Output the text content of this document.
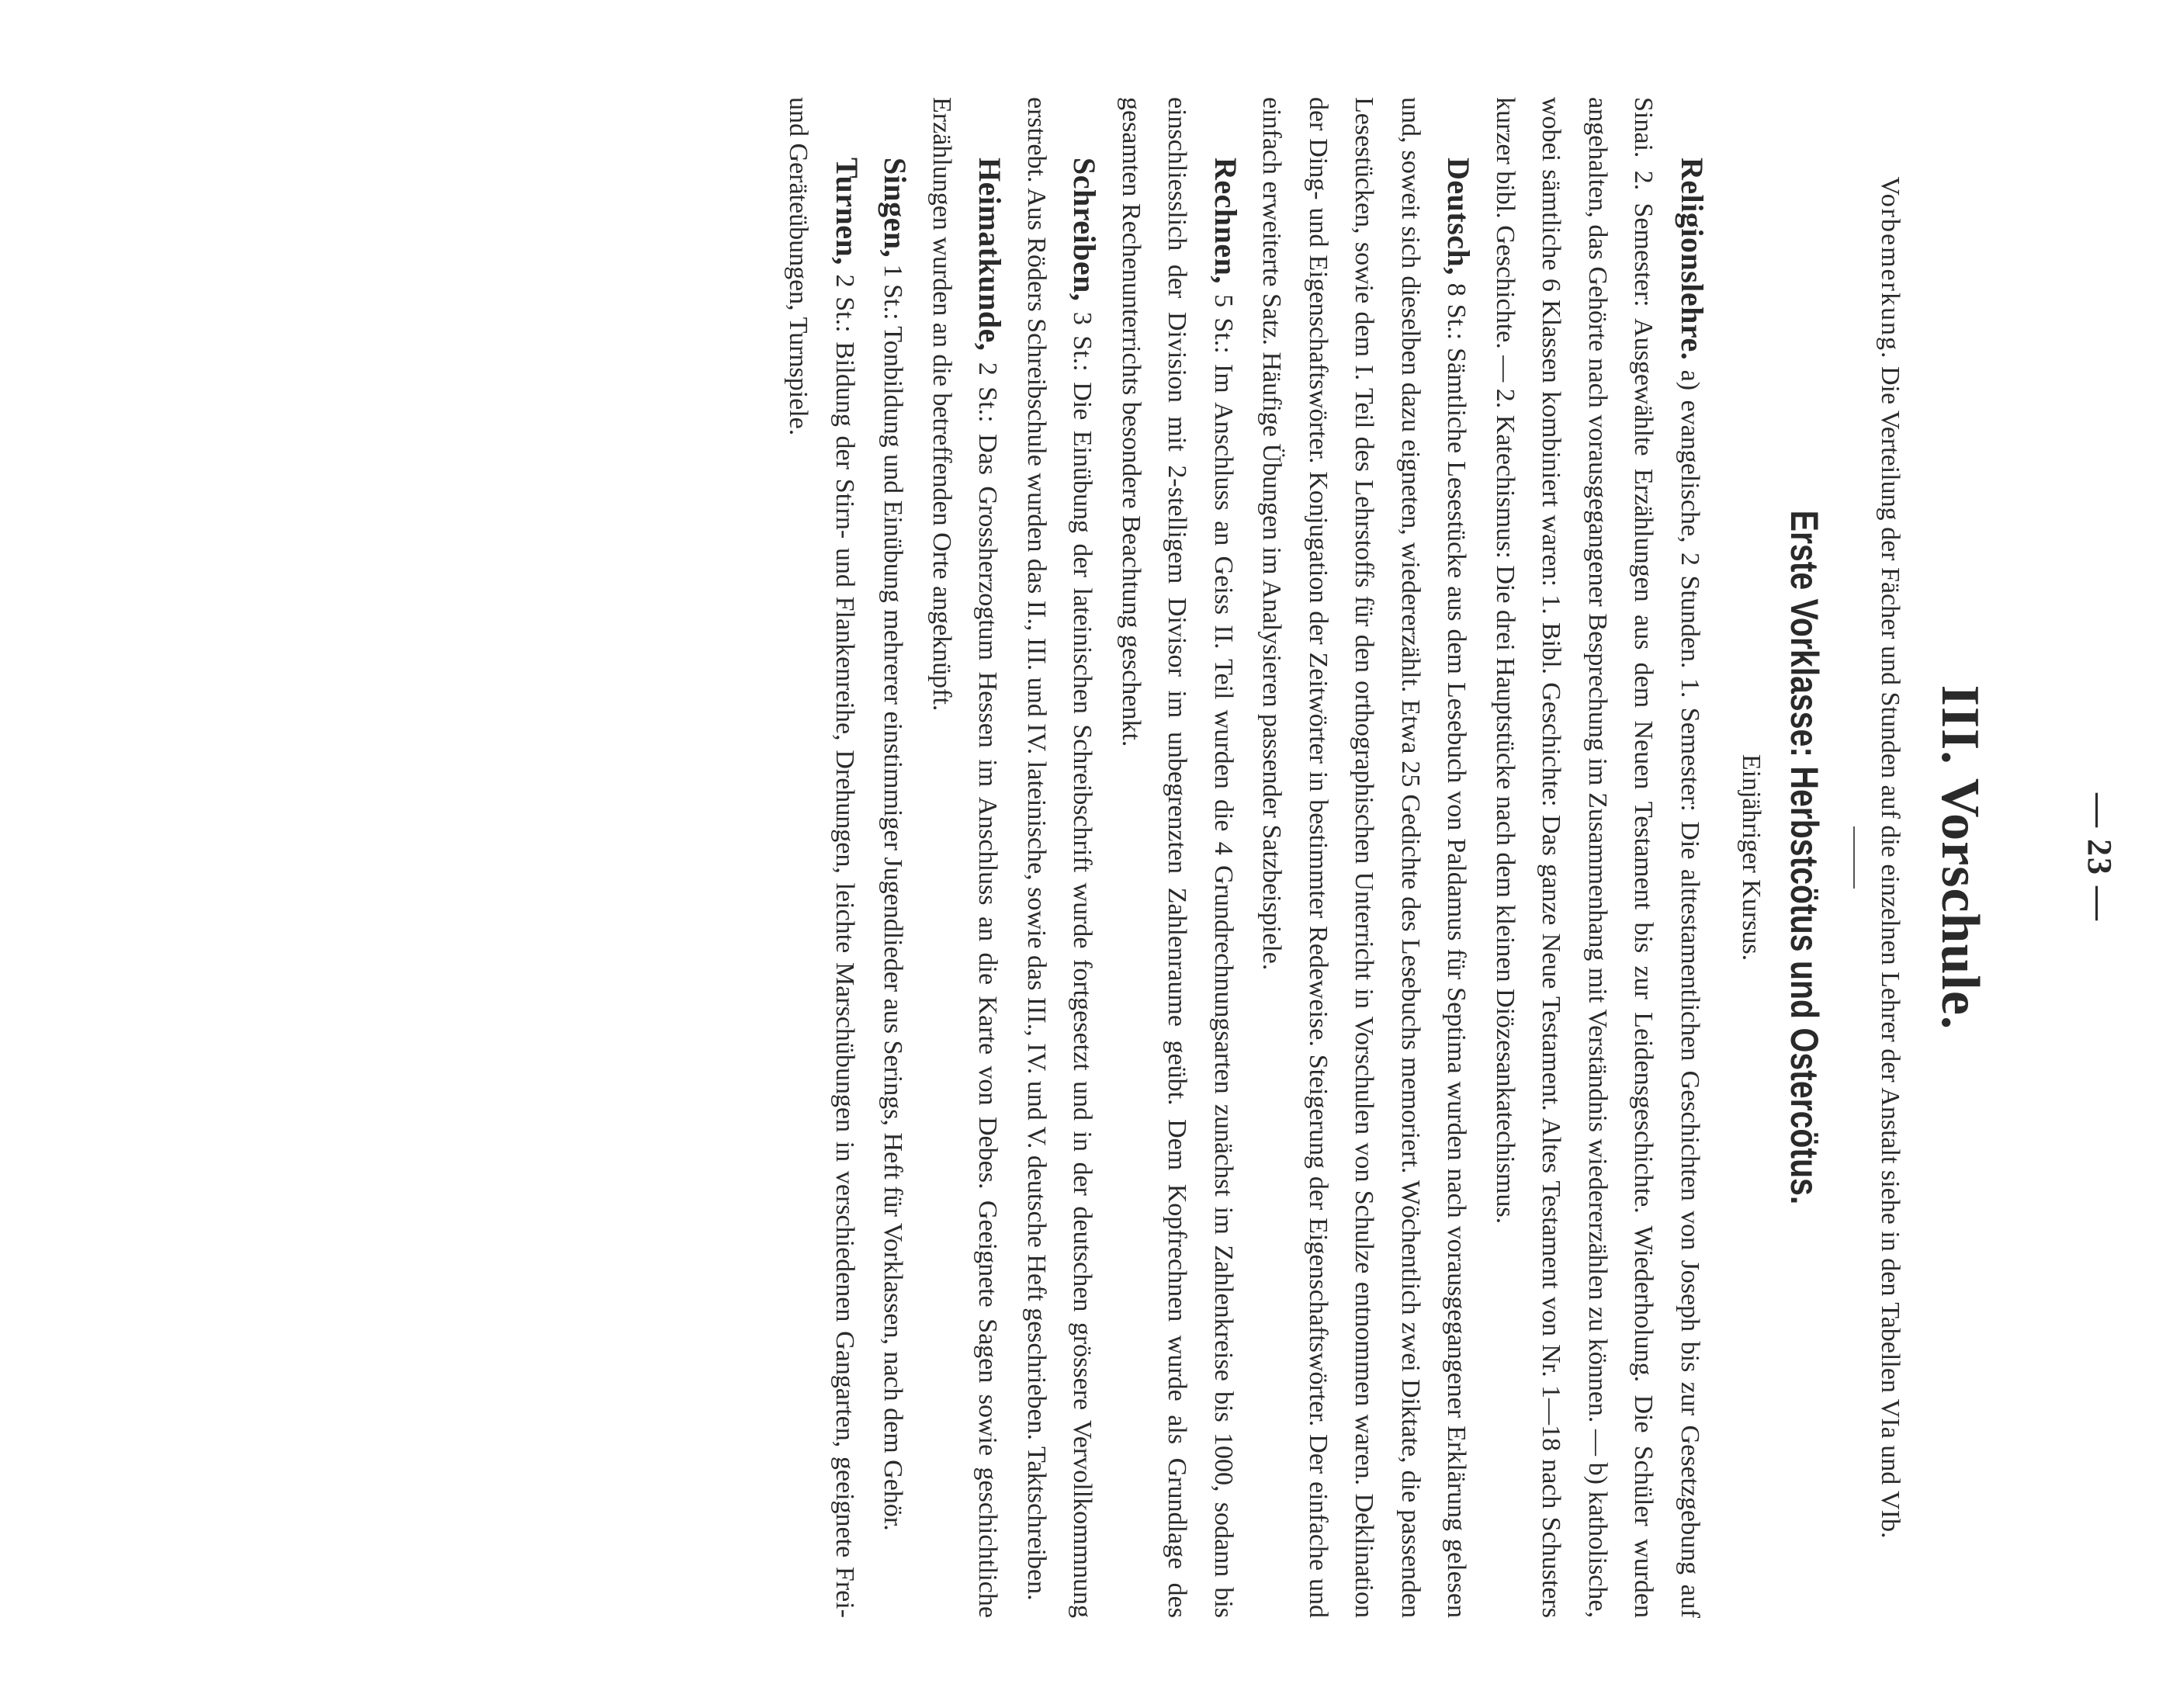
— 23 —
III. Vorschule.

Vorbemerkung. Die Verteilung der Fächer und Stunden auf die einzelnen Lehrer der Anstalt siehe in den Tabellen VIa und VIb.

Erste Vorklasse: Herbstcötus und Ostercötus.
Einjähriger Kursus.

Religionslehre. a) evangelische, 2 Stunden. 1. Semester: Die alttestamentlichen Geschichten von Joseph bis zur Gesetzgebung auf Sinai. 2. Semester: Ausgewählte Erzählungen aus dem Neuen Testament bis zur Leidensgeschichte. Wiederholung. Die Schüler wurden angehalten, das Gehörte nach vorausgegangener Besprechung im Zusammenhang mit Verständnis wiedererzählen zu können. — b) katholische, wobei sämtliche 6 Klassen kombiniert waren: 1. Bibl. Geschichte: Das ganze Neue Testament. Altes Testament von Nr. 1—18 nach Schusters kurzer bibl. Geschichte. — 2. Katechismus: Die drei Hauptstücke nach dem kleinen Diözesankatechismus.

Deutsch, 8 St.: Sämtliche Lesestücke aus dem Lesebuch von Paldamus für Septima wurden nach vorausgegangener Erklärung gelesen und, soweit sich dieselben dazu eigneten, wiedererzählt. Etwa 25 Gedichte des Lesebuchs memoriert. Wöchentlich zwei Diktate, die passenden Lesestücken, sowie dem I. Teil des Lehrstoffs für den orthographischen Unterricht in Vorschulen von Schulze entnommen waren. Deklination der Ding- und Eigenschaftswörter. Konjugation der Zeitwörter in bestimmter Redeweise. Steigerung der Eigenschaftswörter. Der einfache und einfach erweiterte Satz. Häufige Übungen im Analysieren passender Satzbeispiele.

Rechnen, 5 St.: Im Anschluss an Geiss II. Teil wurden die 4 Grundrechnungsarten zunächst im Zahlenkreise bis 1000, sodann bis einschliesslich der Division mit 2-stelligem Divisor im unbegrenzten Zahlenraume geübt. Dem Kopfrechnen wurde als Grundlage des gesamten Rechenunterrichts besondere Beachtung geschenkt.

Schreiben, 3 St.: Die Einübung der lateinischen Schreibschrift wurde fortgesetzt und in der deutschen grössere Vervollkommnung erstrebt. Aus Röders Schreibschule wurden das II., III. und IV. lateinische, sowie das III., IV. und V. deutsche Heft geschrieben. Taktschreiben.

Heimatkunde, 2 St.: Das Grossherzogtum Hessen im Anschluss an die Karte von Debes. Geeignete Sagen sowie geschichtliche Erzählungen wurden an die betreffenden Orte angeknüpft.

Singen, 1 St.: Tonbildung und Einübung mehrerer einstimmiger Jugendlieder aus Serings, Heft für Vorklassen, nach dem Gehör.

Turnen, 2 St.: Bildung der Stirn- und Flankenreihe, Drehungen, leichte Marschübungen in verschiedenen Gangarten, geeignete Frei- und Geräteübungen, Turnspiele.
